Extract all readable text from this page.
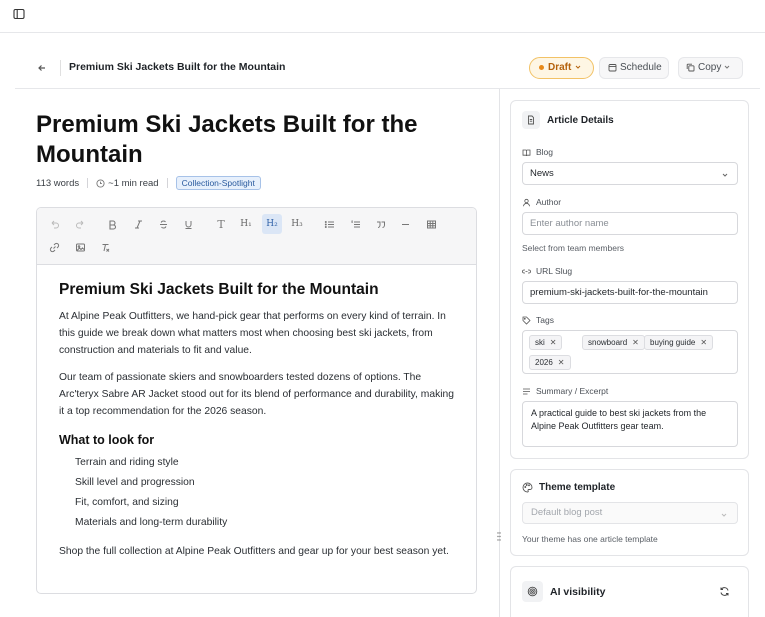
Premium Ski Jackets Built for the Mountain	Draft	Schedule	Copy
Premium Ski Jackets Built for the Mountain
113 words	~1 min read	Collection-Spotlight
T H₁ H₂ H₃
Premium Ski Jackets Built for the Mountain

At Alpine Peak Outfitters, we hand-pick gear that performs on every kind of terrain. In this guide we break down what matters most when choosing best ski jackets, from construction and materials to fit and value.

Our team of passionate skiers and snowboarders tested dozens of options. The Arc'teryx Sabre AR Jacket stood out for its blend of performance and durability, making it a top recommendation for the 2026 season.

What to look for
Terrain and riding style
Skill level and progression
Fit, comfort, and sizing
Materials and long-term durability

Shop the full collection at Alpine Peak Outfitters and gear up for your best season yet.

Article Details
Blog
News
Author
Enter author name
Select from team members
URL Slug
premium-ski-jackets-built-for-the-mountain
Tags
ski ✕	snowboard ✕	buying guide ✕
2026 ✕
Summary / Excerpt
A practical guide to best ski jackets from the Alpine Peak Outfitters gear team.
Theme template
Default blog post
Your theme has one article template
AI visibility
